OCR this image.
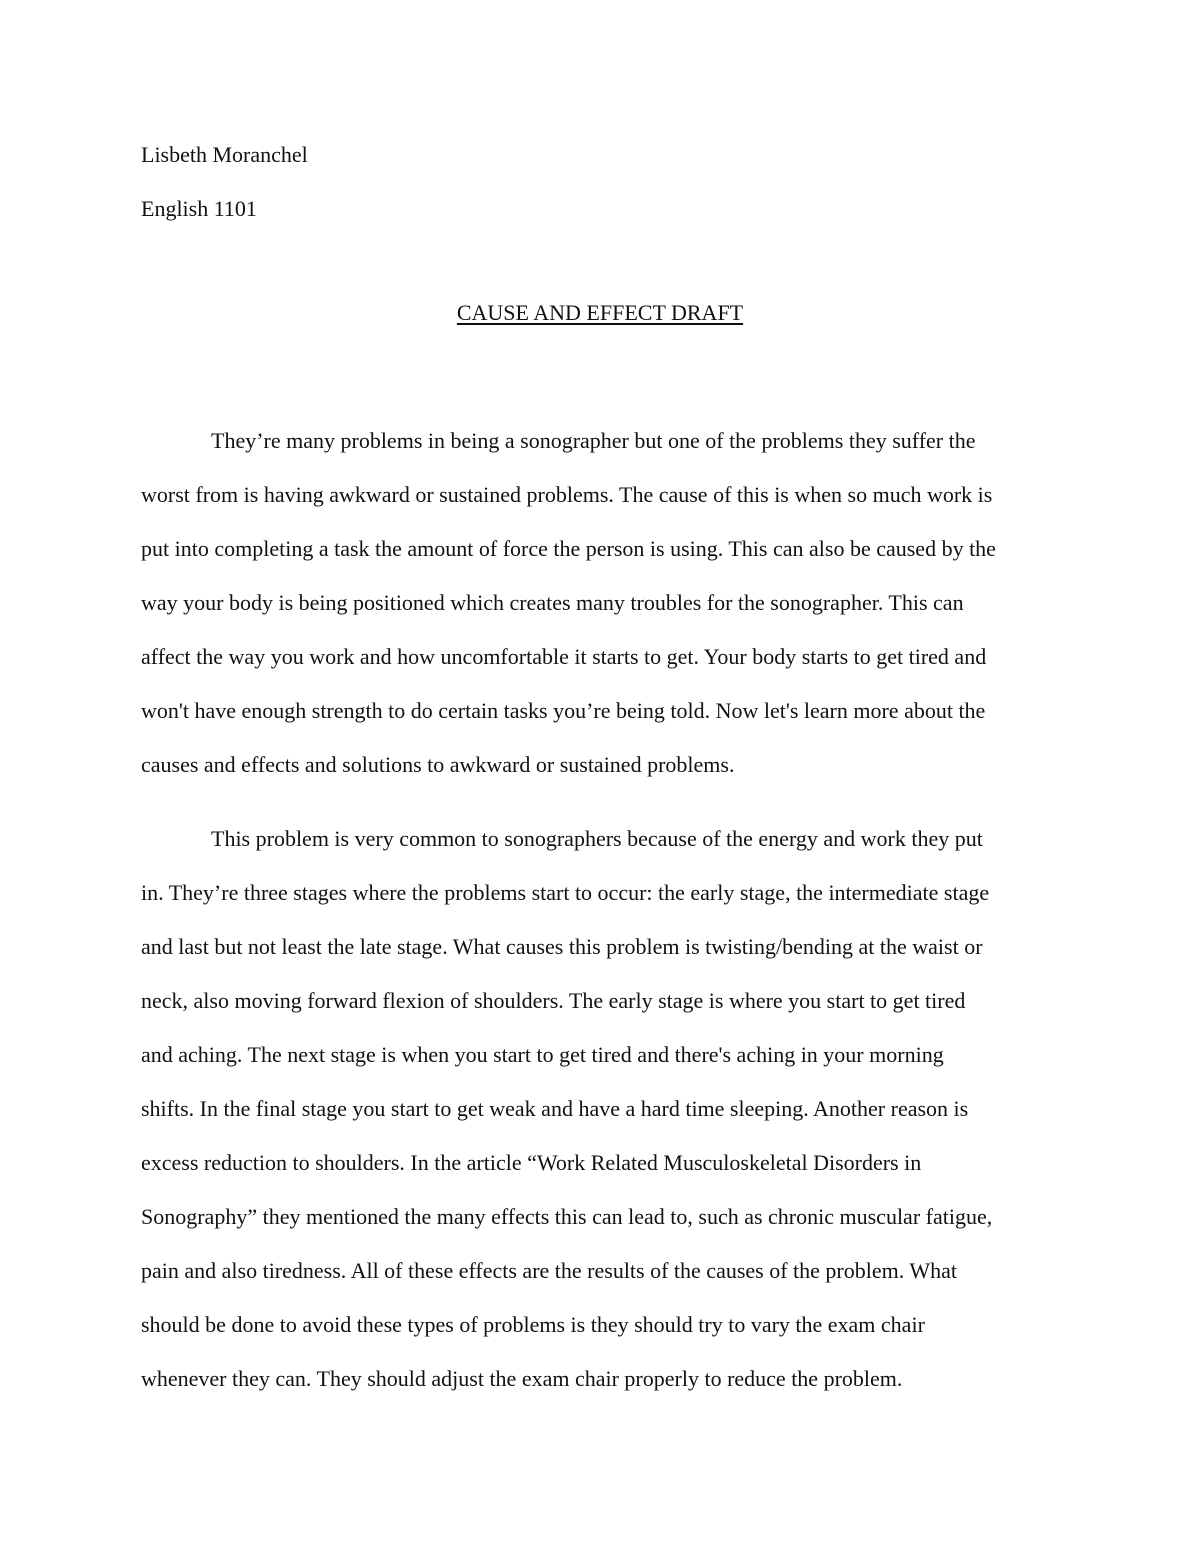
Lisbeth Moranchel

English 1101

CAUSE AND EFFECT DRAFT
They’re many problems in being a sonographer but one of the problems they suffer the
worst from is having awkward or sustained problems. The cause of this is when so much work is
put into completing a task the amount of force the person is using. This can also be caused by the
way your body is being positioned which creates many troubles for the sonographer. This can
affect the way you work and how uncomfortable it starts to get. Your body starts to get tired and
won't have enough strength to do certain tasks you’re being told. Now let's learn more about the
causes and effects and solutions to awkward or sustained problems.
This problem is very common to sonographers because of the energy and work they put
in. They’re three stages where the problems start to occur: the early stage, the intermediate stage
and last but not least the late stage. What causes this problem is twisting/bending at the waist or
neck, also moving forward flexion of shoulders. The early stage is where you start to get tired
and aching. The next stage is when you start to get tired and there's aching in your morning
shifts. In the final stage you start to get weak and have a hard time sleeping. Another reason is
excess reduction to shoulders. In the article “Work Related Musculoskeletal Disorders in
Sonography” they mentioned the many effects this can lead to, such as chronic muscular fatigue,
pain and also tiredness. All of these effects are the results of the causes of the problem. What
should be done to avoid these types of problems is they should try to vary the exam chair
whenever they can. They should adjust the exam chair properly to reduce the problem.
